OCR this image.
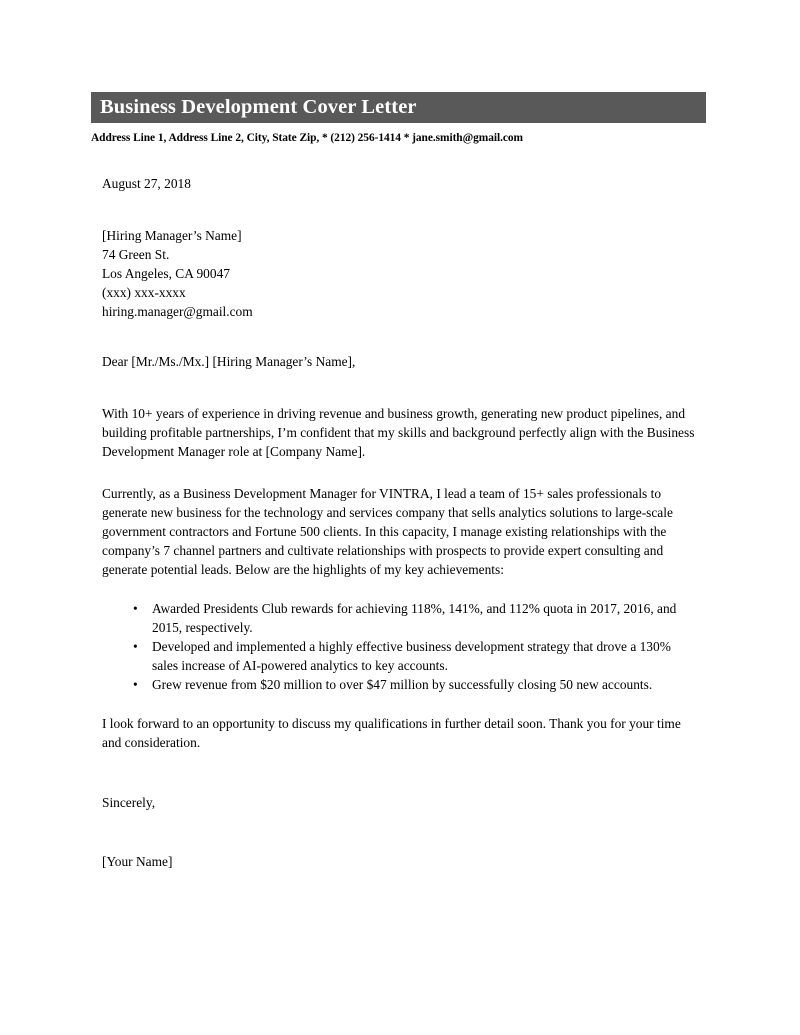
Business Development Cover Letter
Address Line 1, Address Line 2, City, State Zip, * (212) 256-1414 * jane.smith@gmail.com

August 27, 2018

[Hiring Manager’s Name]
74 Green St.
Los Angeles, CA 90047
(xxx) xxx-xxxx
hiring.manager@gmail.com

Dear [Mr./Ms./Mx.] [Hiring Manager’s Name],

With 10+ years of experience in driving revenue and business growth, generating new product pipelines, and building profitable partnerships, I’m confident that my skills and background perfectly align with the Business Development Manager role at [Company Name].

Currently, as a Business Development Manager for VINTRA, I lead a team of 15+ sales professionals to generate new business for the technology and services company that sells analytics solutions to large-scale government contractors and Fortune 500 clients. In this capacity, I manage existing relationships with the company’s 7 channel partners and cultivate relationships with prospects to provide expert consulting and generate potential leads. Below are the highlights of my key achievements:

• Awarded Presidents Club rewards for achieving 118%, 141%, and 112% quota in 2017, 2016, and 2015, respectively.
• Developed and implemented a highly effective business development strategy that drove a 130% sales increase of AI-powered analytics to key accounts.
• Grew revenue from $20 million to over $47 million by successfully closing 50 new accounts.

I look forward to an opportunity to discuss my qualifications in further detail soon. Thank you for your time and consideration.

Sincerely,

[Your Name]
